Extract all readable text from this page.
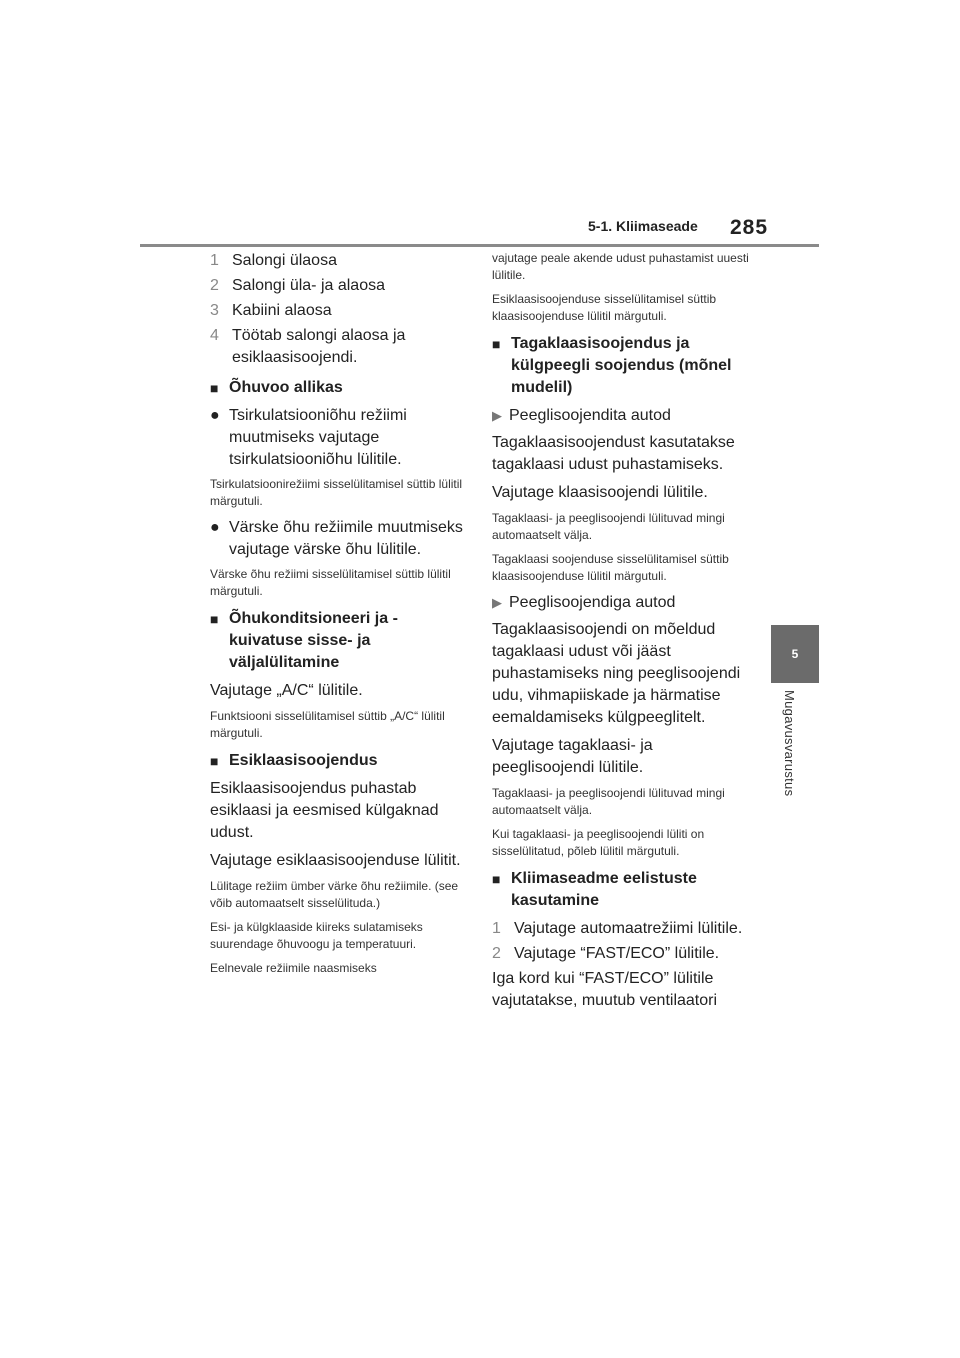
5-1. Kliimaseade 285
5
Mugavusvarustus
1 Salongi ülaosa
2 Salongi üla- ja alaosa
3 Kabiini alaosa
4 Töötab salongi alaosa ja esiklaasisoojendi.
■ Õhuvoo allikas
● Tsirkulatsiooniõhu režiimi muutmiseks vajutage tsirkulatsiooniõhu lülitile.
Tsirkulatsioonirežiimi sisselülitamisel süttib lülitil märgutuli.
● Värske õhu režiimile muutmiseks vajutage värske õhu lülitile.
Värske õhu režiimi sisselülitamisel süttib lülitil märgutuli.
■ Õhukonditsioneeri ja -kuivatuse sisse- ja väljalülitamine
Vajutage „A/C“ lülitile.
Funktsiooni sisselülitamisel süttib „A/C“ lülitil märgutuli.
■ Esiklaasisoojendus
Esiklaasisoojendus puhastab esiklaasi ja eesmised külgaknad udust.
Vajutage esiklaasisoojenduse lülitit.
Lülitage režiim ümber värke õhu režiimile. (see võib automaatselt sisselülituda.)
Esi- ja külgklaaside kiireks sulatamiseks suurendage õhuvoogu ja temperatuuri.
Eelnevale režiimile naasmiseks
vajutage peale akende udust puhastamist uuesti lülitile.
Esiklaasisoojenduse sisselülitamisel süttib klaasisoojenduse lülitil märgutuli.
■ Tagaklaasisoojendus ja külgpeegli soojendus (mõnel mudelil)
▶ Peeglisoojendita autod
Tagaklaasisoojendust kasutatakse tagaklaasi udust puhastamiseks.
Vajutage klaasisoojendi lülitile.
Tagaklaasi- ja peeglisoojendi lülituvad mingi automaatselt välja.
Tagaklaasi soojenduse sisselülitamisel süttib klaasisoojenduse lülitil märgutuli.
▶ Peeglisoojendiga autod
Tagaklaasisoojendi on mõeldud tagaklaasi udust või jääst puhastamiseks ning peeglisoojendi udu, vihmapiiskade ja härmatise eemaldamiseks külgpeeglitelt.
Vajutage tagaklaasi- ja peeglisoojendi lülitile.
Tagaklaasi- ja peeglisoojendi lülituvad mingi automaatselt välja.
Kui tagaklaasi- ja peeglisoojendi lüliti on sisselülitatud, põleb lülitil märgutuli.
■ Kliimaseadme eelistuste kasutamine
1 Vajutage automaatrežiimi lülitile.
2 Vajutage “FAST/ECO” lülitile.
Iga kord kui “FAST/ECO” lülitile vajutatakse, muutub ventilaatori
